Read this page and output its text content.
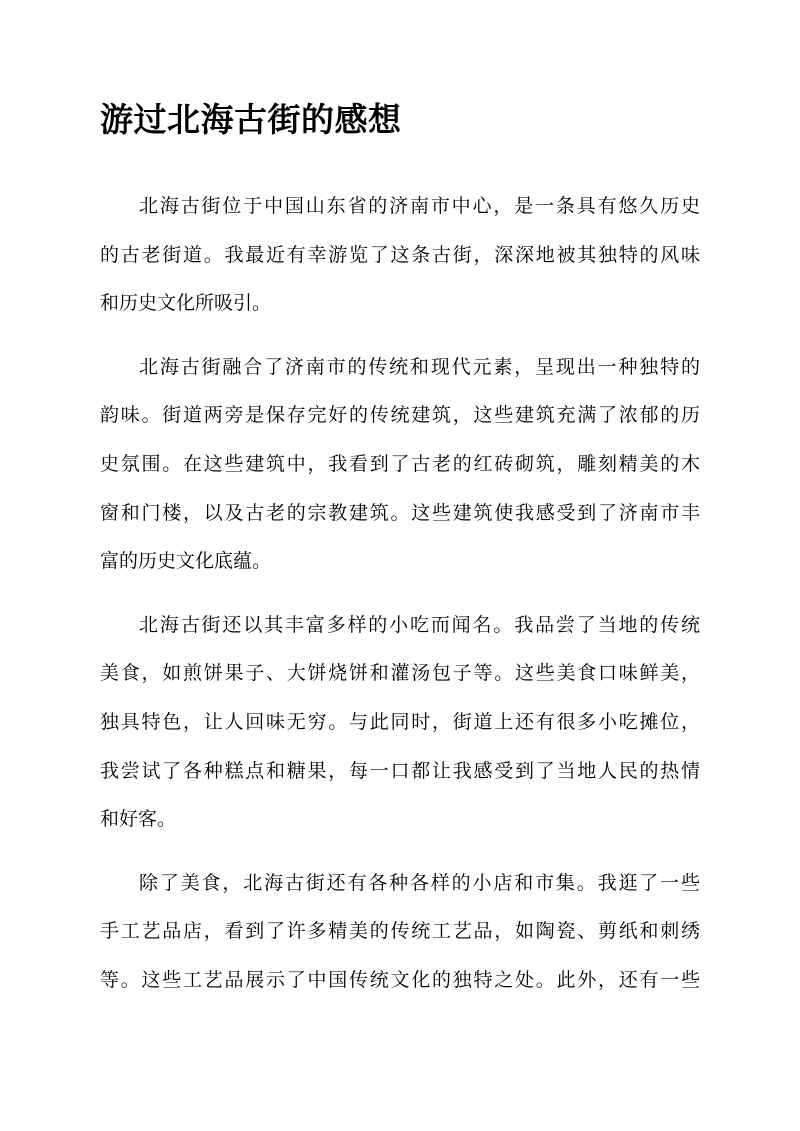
游过北海古街的感想
北海古街位于中国山东省的济南市中心，是一条具有悠久历史
的古老街道。我最近有幸游览了这条古街，深深地被其独特的风味
和历史文化所吸引。
北海古街融合了济南市的传统和现代元素，呈现出一种独特的
韵味。街道两旁是保存完好的传统建筑，这些建筑充满了浓郁的历
史氛围。在这些建筑中，我看到了古老的红砖砌筑，雕刻精美的木
窗和门楼，以及古老的宗教建筑。这些建筑使我感受到了济南市丰
富的历史文化底蕴。
北海古街还以其丰富多样的小吃而闻名。我品尝了当地的传统
美食，如煎饼果子、大饼烧饼和灌汤包子等。这些美食口味鲜美，
独具特色，让人回味无穷。与此同时，街道上还有很多小吃摊位，
我尝试了各种糕点和糖果，每一口都让我感受到了当地人民的热情
和好客。
除了美食，北海古街还有各种各样的小店和市集。我逛了一些
手工艺品店，看到了许多精美的传统工艺品，如陶瓷、剪纸和刺绣
等。这些工艺品展示了中国传统文化的独特之处。此外，还有一些
